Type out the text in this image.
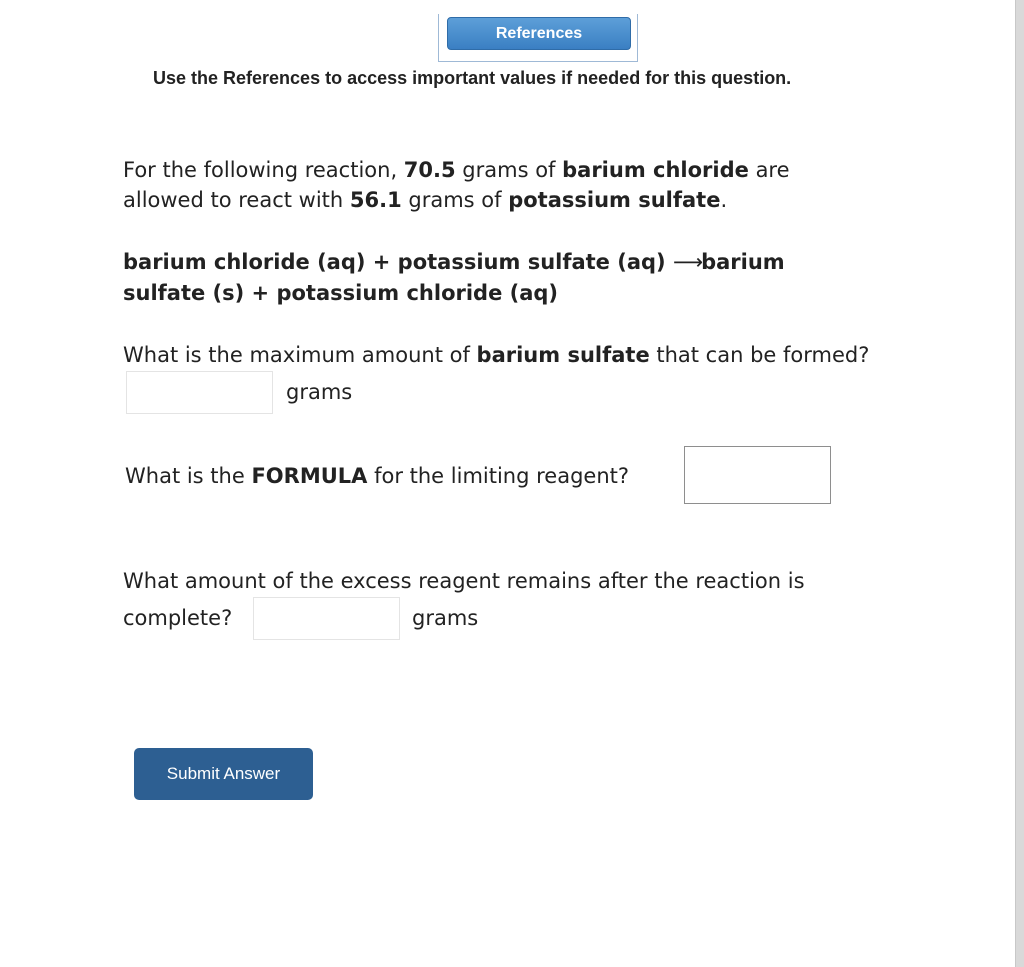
References
Use the References to access important values if needed for this question.
For the following reaction, 70.5 grams of barium chloride are
allowed to react with 56.1 grams of potassium sulfate.
barium chloride (aq) + potassium sulfate (aq) ⟶barium
sulfate (s) + potassium chloride (aq)
What is the maximum amount of barium sulfate that can be formed?
grams
What is the FORMULA for the limiting reagent?
What amount of the excess reagent remains after the reaction is
complete?	grams
Submit Answer
